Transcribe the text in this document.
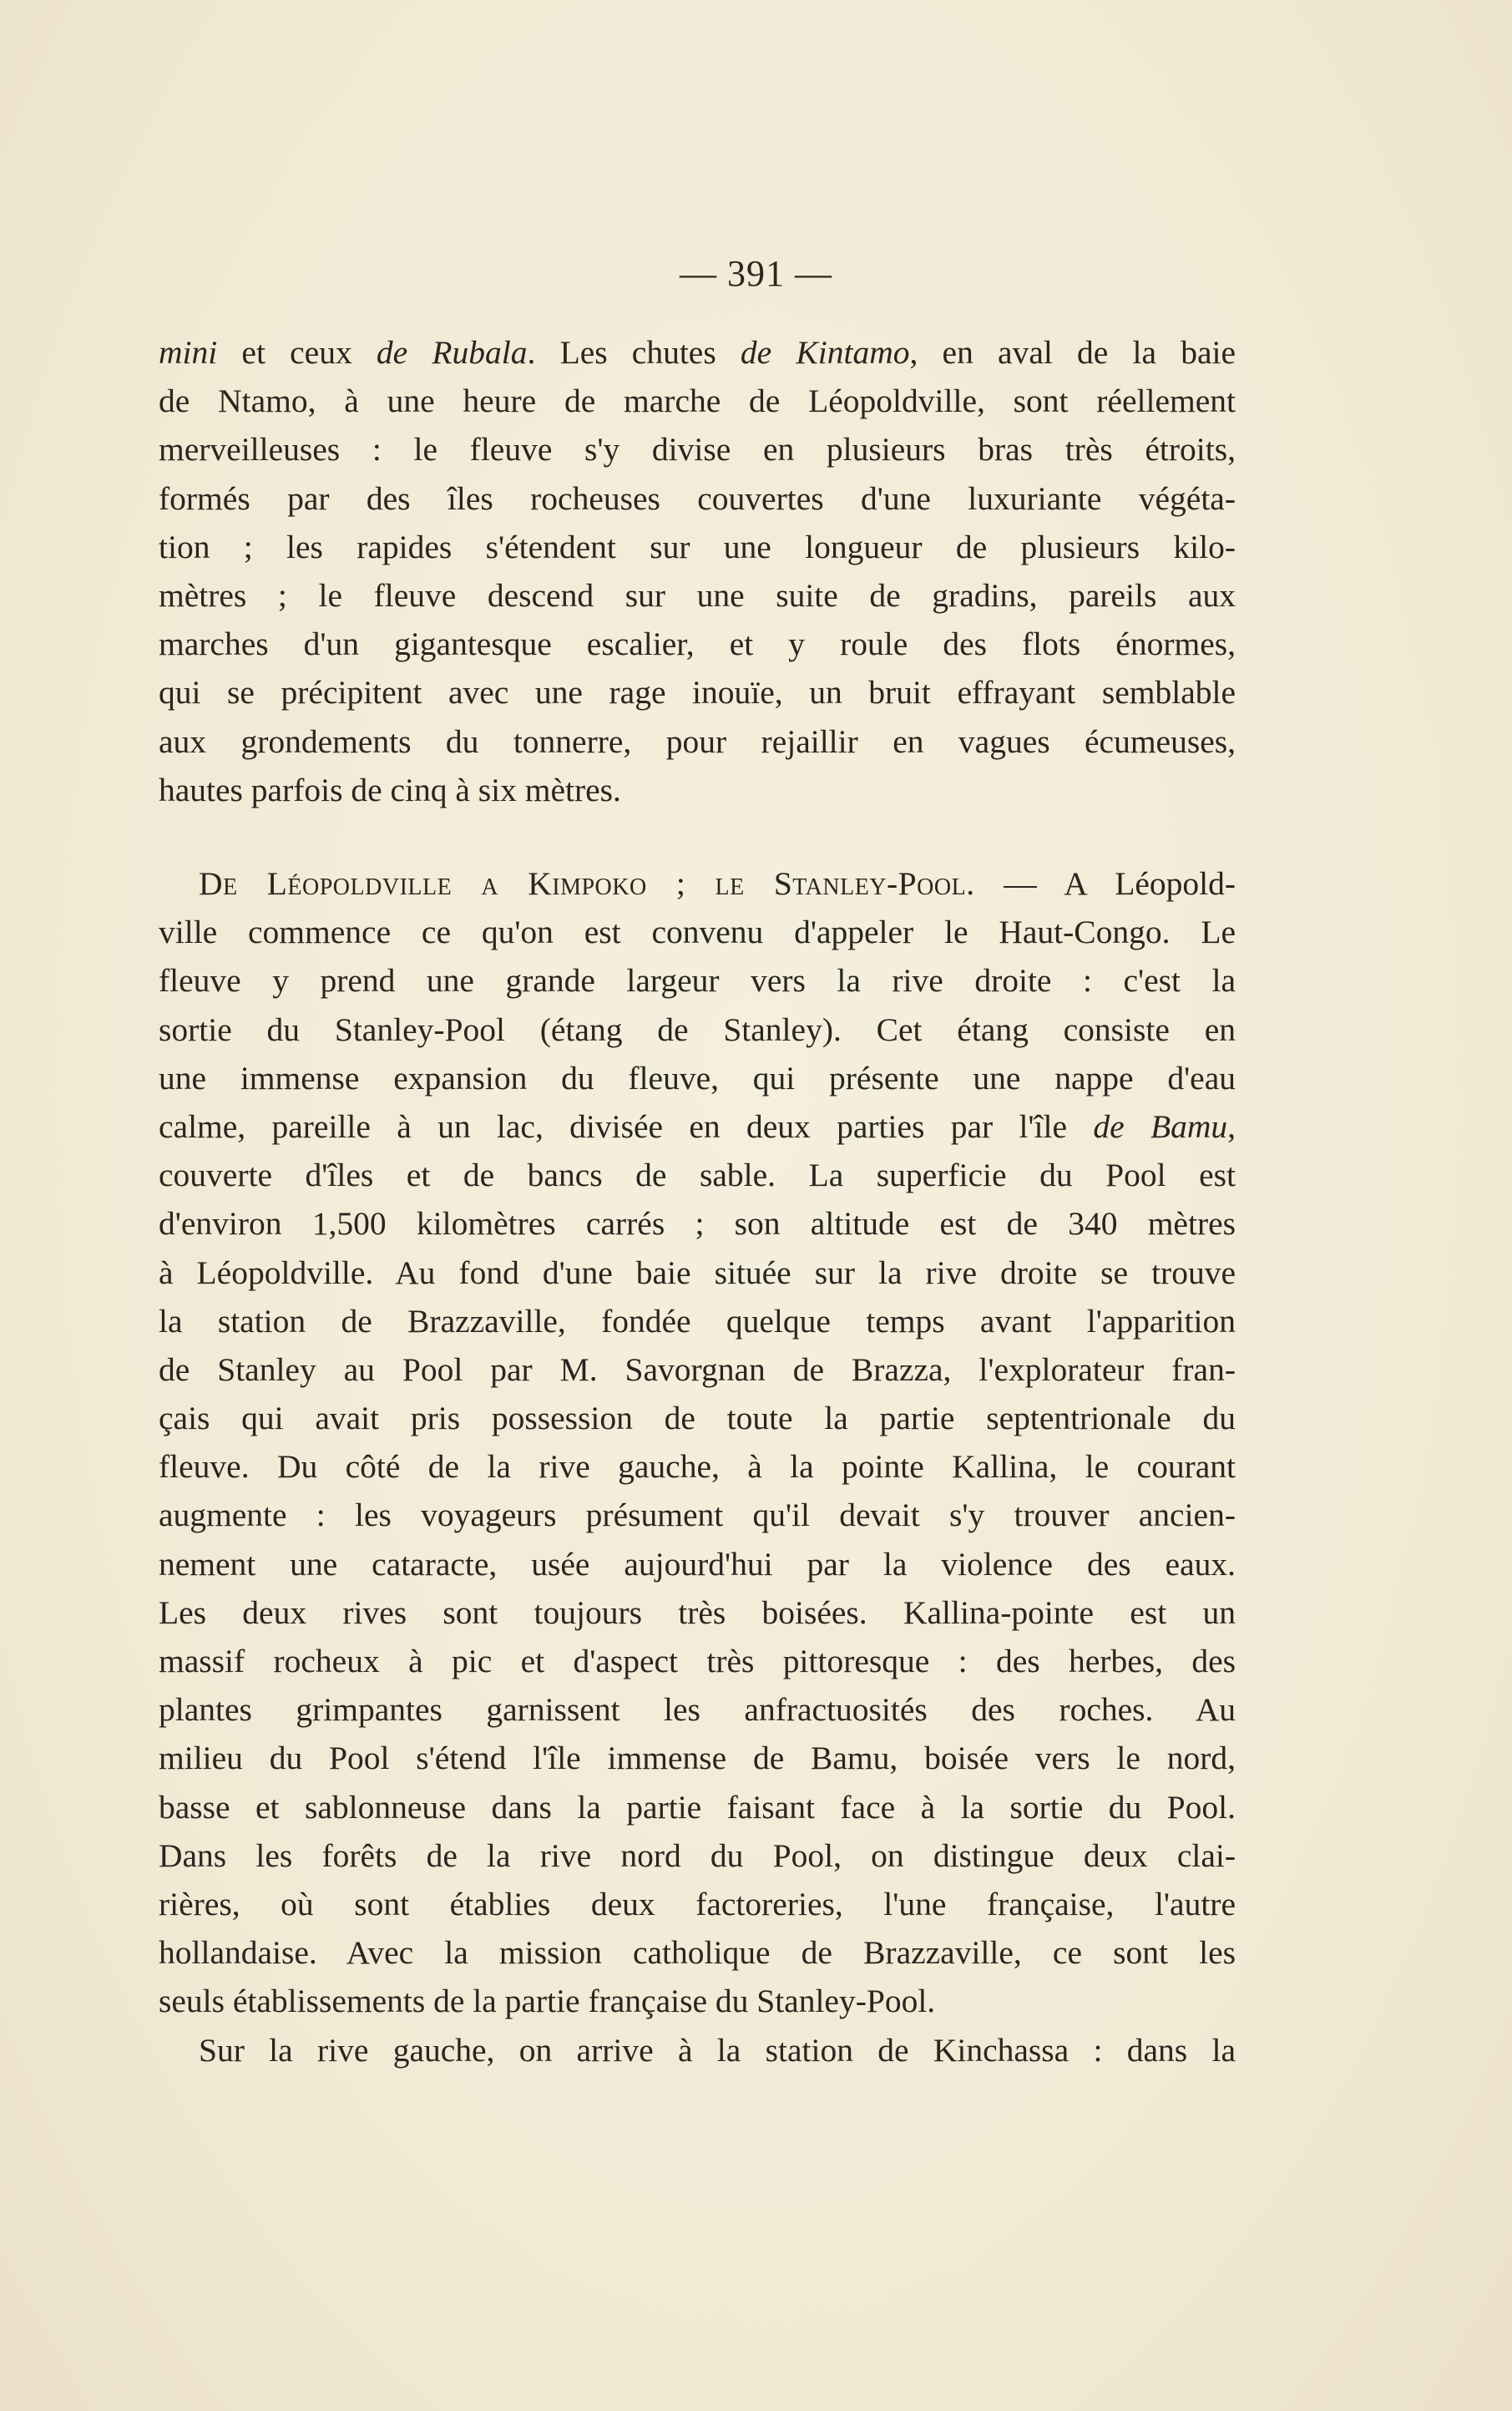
— 391 —
mini et ceux de Rubala. Les chutes de Kintamo, en aval de la baie
de Ntamo, à une heure de marche de Léopoldville, sont réellement
merveilleuses : le fleuve s'y divise en plusieurs bras très étroits,
formés par des îles rocheuses couvertes d'une luxuriante végéta-
tion ; les rapides s'étendent sur une longueur de plusieurs kilo-
mètres ; le fleuve descend sur une suite de gradins, pareils aux
marches d'un gigantesque escalier, et y roule des flots énormes,
qui se précipitent avec une rage inouïe, un bruit effrayant semblable
aux grondements du tonnerre, pour rejaillir en vagues écumeuses,
hautes parfois de cinq à six mètres.
De Léopoldville a Kimpoko ; le Stanley-Pool. — A Léopold-
ville commence ce qu'on est convenu d'appeler le Haut-Congo. Le
fleuve y prend une grande largeur vers la rive droite : c'est la
sortie du Stanley-Pool (étang de Stanley). Cet étang consiste en
une immense expansion du fleuve, qui présente une nappe d'eau
calme, pareille à un lac, divisée en deux parties par l'île de Bamu,
couverte d'îles et de bancs de sable. La superficie du Pool est
d'environ 1,500 kilomètres carrés ; son altitude est de 340 mètres
à Léopoldville. Au fond d'une baie située sur la rive droite se trouve
la station de Brazzaville, fondée quelque temps avant l'apparition
de Stanley au Pool par M. Savorgnan de Brazza, l'explorateur fran-
çais qui avait pris possession de toute la partie septentrionale du
fleuve. Du côté de la rive gauche, à la pointe Kallina, le courant
augmente : les voyageurs présument qu'il devait s'y trouver ancien-
nement une cataracte, usée aujourd'hui par la violence des eaux.
Les deux rives sont toujours très boisées. Kallina-pointe est un
massif rocheux à pic et d'aspect très pittoresque : des herbes, des
plantes grimpantes garnissent les anfractuosités des roches. Au
milieu du Pool s'étend l'île immense de Bamu, boisée vers le nord,
basse et sablonneuse dans la partie faisant face à la sortie du Pool.
Dans les forêts de la rive nord du Pool, on distingue deux clai-
rières, où sont établies deux factoreries, l'une française, l'autre
hollandaise. Avec la mission catholique de Brazzaville, ce sont les
seuls établissements de la partie française du Stanley-Pool.
Sur la rive gauche, on arrive à la station de Kinchassa : dans la
